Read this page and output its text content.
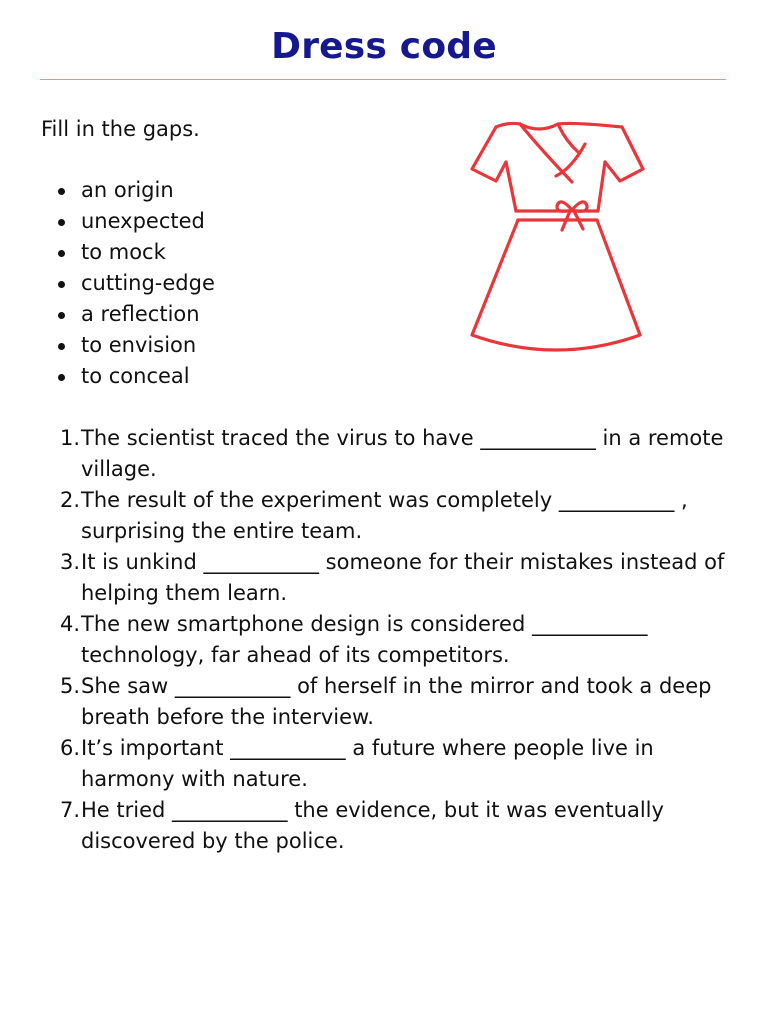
Dress code
Fill in the gaps.
an origin
unexpected
to mock
cutting-edge
a reflection
to envision
to conceal
1. The scientist traced the virus to have ___________ in a remote village.
2. The result of the experiment was completely ___________ , surprising the entire team.
3. It is unkind ___________ someone for their mistakes instead of helping them learn.
4. The new smartphone design is considered ___________ technology, far ahead of its competitors.
5. She saw ___________ of herself in the mirror and took a deep breath before the interview.
6. It’s important ___________ a future where people live in harmony with nature.
7. He tried ___________ the evidence, but it was eventually discovered by the police.
